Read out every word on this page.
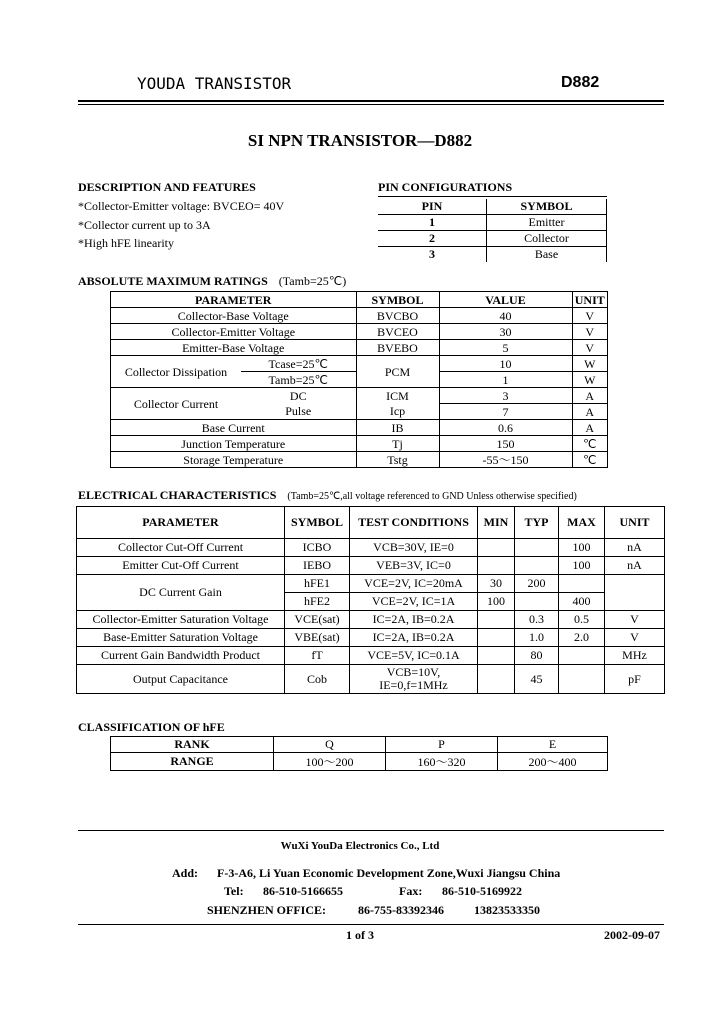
YOUDA TRANSISTOR	D882
SI NPN TRANSISTOR—D882
DESCRIPTION AND FEATURES
*Collector-Emitter voltage: BVCEO= 40V
*Collector current up to 3A
*High hFE linearity
PIN CONFIGURATIONS
PIN	SYMBOL
1	Emitter
2	Collector
3	Base
ABSOLUTE MAXIMUM RATINGS (Tamb=25℃)
PARAMETER		SYMBOL	VALUE	UNIT
Collector-Base Voltage		BVCBO	40	V
Collector-Emitter Voltage		BVCEO	30	V
Emitter-Base Voltage		BVEBO	5	V
Collector Dissipation	Tcase=25℃	PCM	10	W
	Tamb=25℃		1	W
Collector Current	DC	ICM	3	A
	Pulse	Icp	7	A
Base Current		IB	0.6	A
Junction Temperature		Tj	150	℃
Storage Temperature		Tstg	-55～150	℃
ELECTRICAL CHARACTERISTICS (Tamb=25℃,all voltage referenced to GND Unless otherwise specified)
PARAMETER	SYMBOL	TEST CONDITIONS	MIN	TYP	MAX	UNIT
Collector Cut-Off Current	ICBO	VCB=30V, IE=0			100	nA
Emitter Cut-Off Current	IEBO	VEB=3V, IC=0			100	nA
DC Current Gain	hFE1	VCE=2V, IC=20mA	30	200		
	hFE2	VCE=2V, IC=1A	100		400	
Collector-Emitter Saturation Voltage	VCE(sat)	IC=2A, IB=0.2A		0.3	0.5	V
Base-Emitter Saturation Voltage	VBE(sat)	IC=2A, IB=0.2A		1.0	2.0	V
Current Gain Bandwidth Product	fT	VCE=5V, IC=0.1A		80		MHz
Output Capacitance	Cob	VCB=10V,
IE=0,f=1MHz		45		pF
CLASSIFICATION OF hFE
RANK	Q	P	E
RANGE	100～200	160～320	200～400
WuXi YouDa Electronics Co., Ltd
Add: F-3-A6, Li Yuan Economic Development Zone,Wuxi Jiangsu China
Tel: 86-510-5166655	Fax: 86-510-5169922
SHENZHEN OFFICE:	86-755-83392346	13823533350
1 of 3	2002-09-07
